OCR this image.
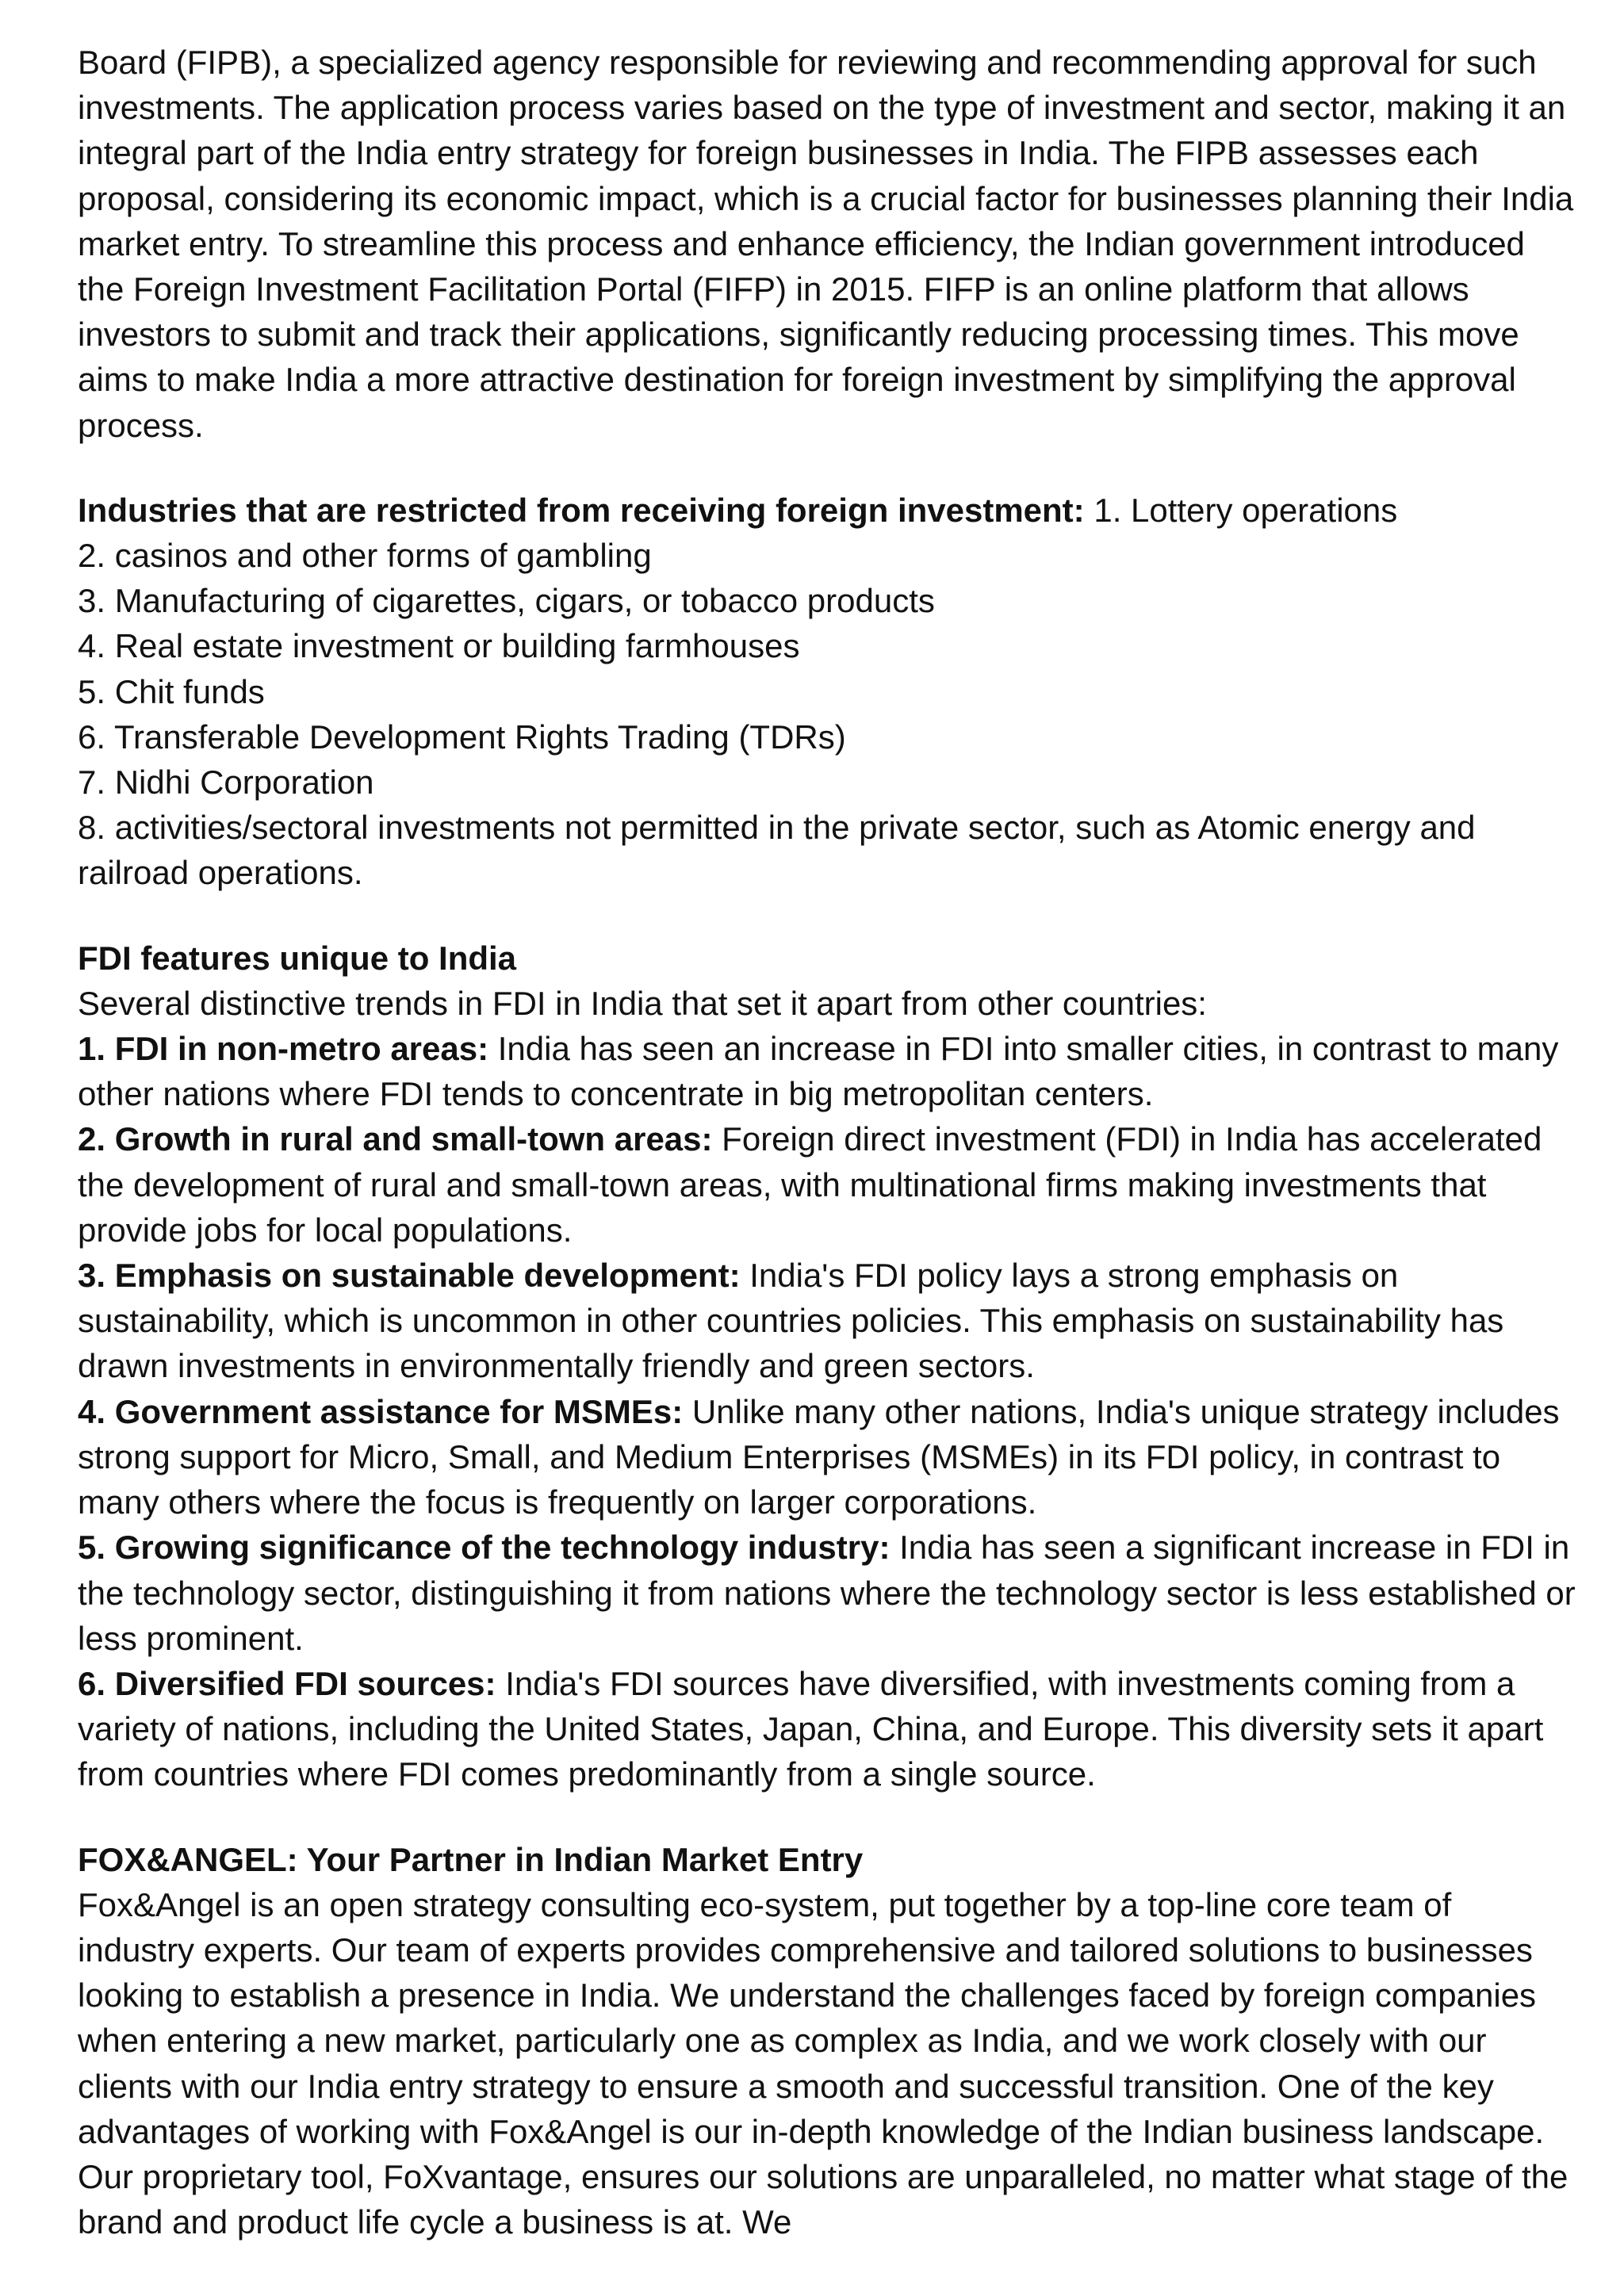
Board (FIPB), a specialized agency responsible for reviewing and recommending approval for such investments. The application process varies based on the type of investment and sector, making it an integral part of the India entry strategy for foreign businesses in India. The FIPB assesses each proposal, considering its economic impact, which is a crucial factor for businesses planning their India market entry. To streamline this process and enhance efficiency, the Indian government introduced the Foreign Investment Facilitation Portal (FIFP) in 2015. FIFP is an online platform that allows investors to submit and track their applications, significantly reducing processing times. This move aims to make India a more attractive destination for foreign investment by simplifying the approval process.

Industries that are restricted from receiving foreign investment: 1. Lottery operations

2. casinos and other forms of gambling

3. Manufacturing of cigarettes, cigars, or tobacco products

4. Real estate investment or building farmhouses

5. Chit funds

6. Transferable Development Rights Trading (TDRs)

7. Nidhi Corporation

8. activities/sectoral investments not permitted in the private sector, such as Atomic energy and railroad operations.

FDI features unique to India

Several distinctive trends in FDI in India that set it apart from other countries:

1. FDI in non-metro areas: India has seen an increase in FDI into smaller cities, in contrast to many other nations where FDI tends to concentrate in big metropolitan centers.

2. Growth in rural and small-town areas: Foreign direct investment (FDI) in India has accelerated the development of rural and small-town areas, with multinational firms making investments that provide jobs for local populations.

3. Emphasis on sustainable development: India's FDI policy lays a strong emphasis on sustainability, which is uncommon in other countries policies. This emphasis on sustainability has drawn investments in environmentally friendly and green sectors.

4. Government assistance for MSMEs: Unlike many other nations, India's unique strategy includes strong support for Micro, Small, and Medium Enterprises (MSMEs) in its FDI policy, in contrast to many others where the focus is frequently on larger corporations.

5. Growing significance of the technology industry: India has seen a significant increase in FDI in the technology sector, distinguishing it from nations where the technology sector is less established or less prominent.

6. Diversified FDI sources: India's FDI sources have diversified, with investments coming from a variety of nations, including the United States, Japan, China, and Europe. This diversity sets it apart from countries where FDI comes predominantly from a single source.

FOX&ANGEL: Your Partner in Indian Market Entry

Fox&Angel is an open strategy consulting eco-system, put together by a top-line core team of industry experts. Our team of experts provides comprehensive and tailored solutions to businesses looking to establish a presence in India. We understand the challenges faced by foreign companies when entering a new market, particularly one as complex as India, and we work closely with our clients with our India entry strategy to ensure a smooth and successful transition. One of the key advantages of working with Fox&Angel is our in-depth knowledge of the Indian business landscape. Our proprietary tool, FoXvantage, ensures our solutions are unparalleled, no matter what stage of the brand and product life cycle a business is at. We
